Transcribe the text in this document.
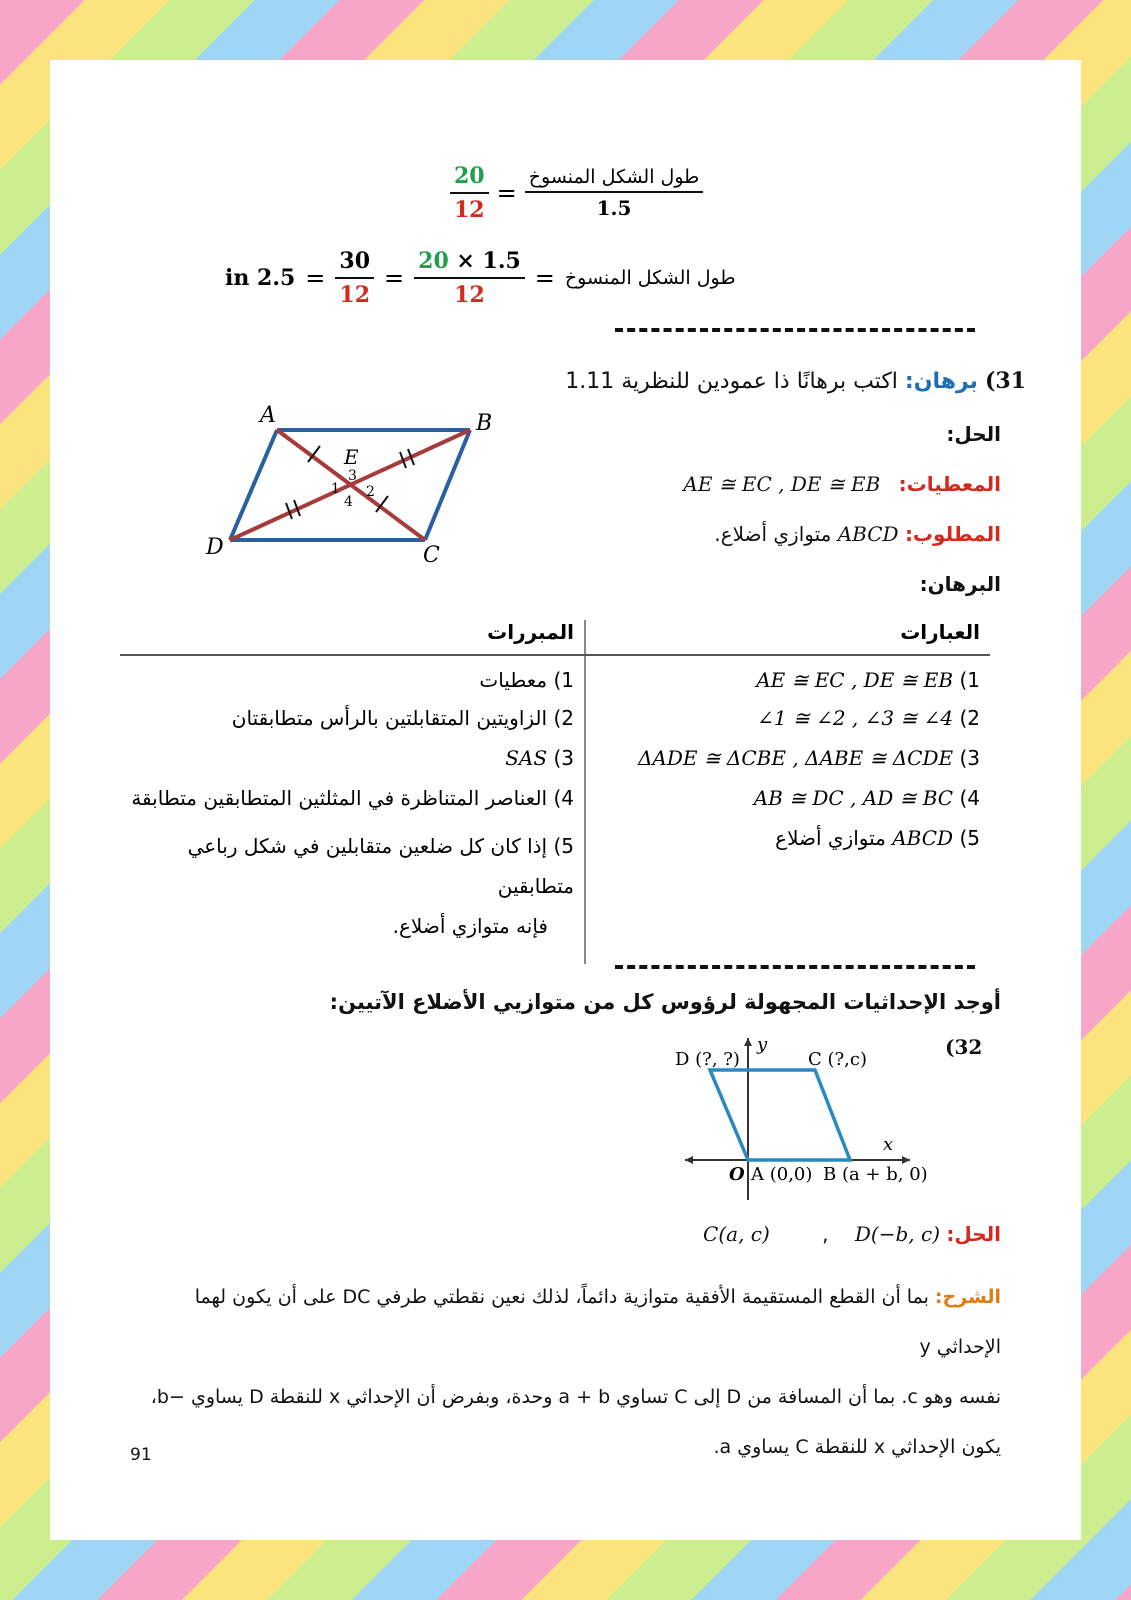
$\frac{20}{12} = \frac{\text{طول الشكل المنسوخ}}{1.5}$
in $2.5 = \frac{30}{12} = \frac{20 \times 1.5}{12}$ = طول الشكل المنسوخ
31) برهان: اكتب برهانًا ذا عمودين للنظرية 1.11
A	B
C
D
E
3
1 2
4
الحل:
المعطيات: AE ≅ EC , DE ≅ EB
المطلوب: ABCD متوازي أضلاع.
البرهان:
العبارات	المبررات
1) AE ≅ EC , DE ≅ EB	1) معطيات
2) ∠1 ≅ ∠2 , ∠3 ≅ ∠4	2) الزاويتين المتقابلتين بالرأس متطابقتان
3) ΔADE ≅ ΔCBE , ΔABE ≅ ΔCDE	3) SAS
4) AB ≅ DC , AD ≅ BC	4) العناصر المتناظرة في المثلثين المتطابقين متطابقة
5) ABCD متوازي أضلاع	5) إذا كان كل ضلعين متقابلين في شكل رباعي متطابقين
فإنه متوازي أضلاع.
أوجد الإحداثيات المجهولة لرؤوس كل من متوازيي الأضلاع الآتيين:
(32
D (?, ?)	C (?,c)
y
x
O A (0,0) B (a + b, 0)
الحل: C(a, c)	, D(−b, c)
الشرح: بما أن القطع المستقيمة الأفقية متوازية دائماً، لذلك نعين نقطتي طرفي DC على أن يكون لهما الإحداثي y
نفسه وهو c. بما أن المسافة من D إلى C تساوي a + b وحدة، وبفرض أن الإحداثي x للنقطة D يساوي −b،
يكون الإحداثي x للنقطة C يساوي a.
91
